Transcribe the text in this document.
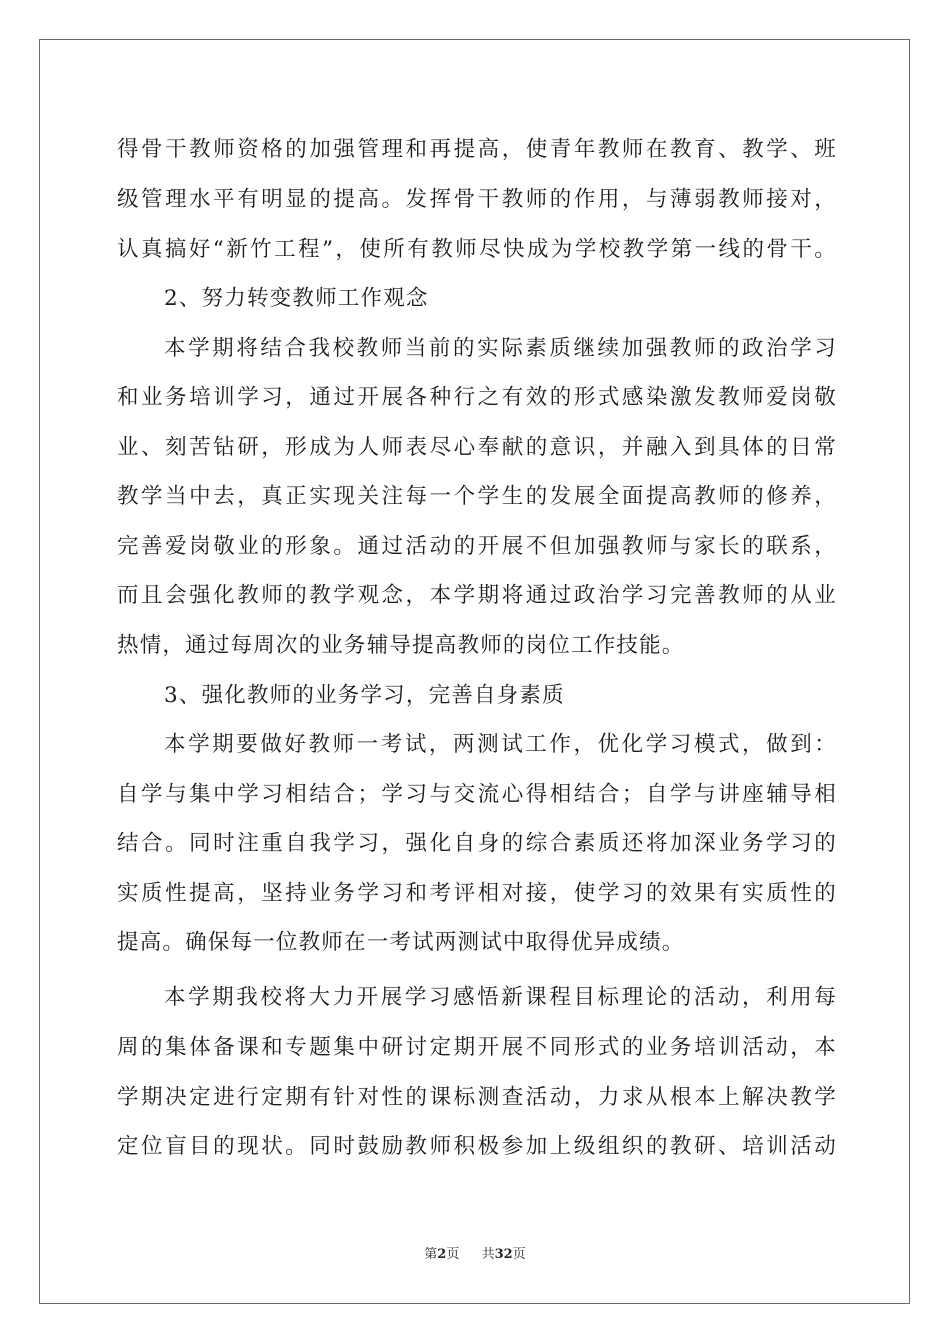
得骨干教师资格的加强管理和再提高，使青年教师在教育、教学、班
级管理水平有明显的提高。发挥骨干教师的作用，与薄弱教师接对，
认真搞好“新竹工程”，使所有教师尽快成为学校教学第一线的骨干。
2、努力转变教师工作观念
本学期将结合我校教师当前的实际素质继续加强教师的政治学习
和业务培训学习，通过开展各种行之有效的形式感染激发教师爱岗敬
业、刻苦钻研，形成为人师表尽心奉献的意识，并融入到具体的日常
教学当中去，真正实现关注每一个学生的发展全面提高教师的修养，
完善爱岗敬业的形象。通过活动的开展不但加强教师与家长的联系，
而且会强化教师的教学观念，本学期将通过政治学习完善教师的从业
热情，通过每周次的业务辅导提高教师的岗位工作技能。
3、强化教师的业务学习，完善自身素质
本学期要做好教师一考试，两测试工作，优化学习模式，做到：
自学与集中学习相结合；学习与交流心得相结合；自学与讲座辅导相
结合。同时注重自我学习，强化自身的综合素质还将加深业务学习的
实质性提高，坚持业务学习和考评相对接，使学习的效果有实质性的
提高。确保每一位教师在一考试两测试中取得优异成绩。
本学期我校将大力开展学习感悟新课程目标理论的活动，利用每
周的集体备课和专题集中研讨定期开展不同形式的业务培训活动，本
学期决定进行定期有针对性的课标测查活动，力求从根本上解决教学
定位盲目的现状。同时鼓励教师积极参加上级组织的教研、培训活动
第2页 共32页
